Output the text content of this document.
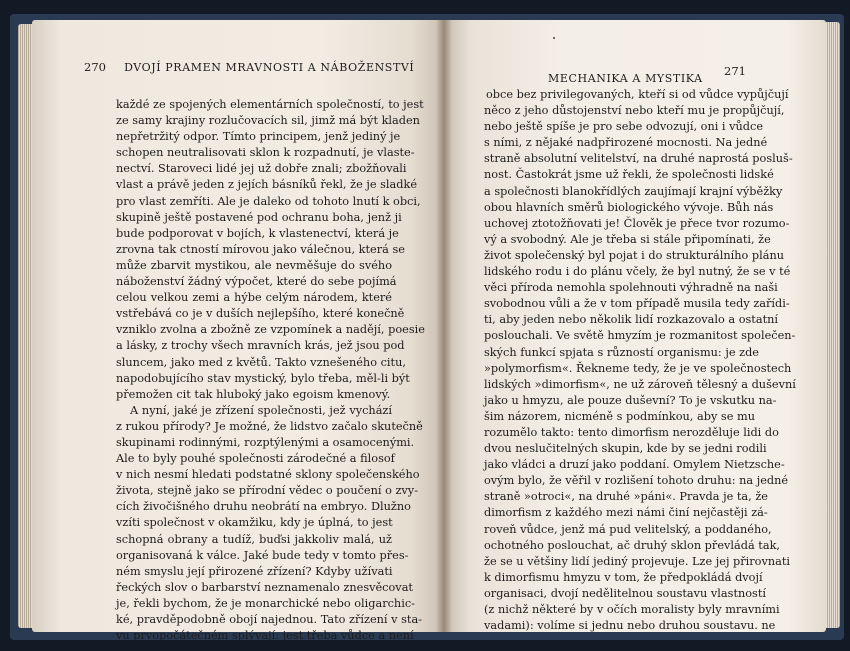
270 DVOJÍ PRAMEN MRAVNOSTI A NÁBOŽENSTVÍ
MECHANIKA A MYSTIKA
271
každé ze spojených elementárních společností, to jest
ze samy krajiny rozlučovacích sil, jimž má být kladen
nepřetržitý odpor. Tímto principem, jenž jediný je
schopen neutralisovati sklon k rozpadnutí, je vlaste-
nectví. Staroveci lidé jej už dobře znali; zbožňovali
vlast a právě jeden z jejích básníků řekl, že je sladké
pro vlast zemříti. Ale je daleko od tohoto lnutí k obci,
skupině ještě postavené pod ochranu boha, jenž ji
bude podporovat v bojích, k vlastenectví, která je
zrovna tak ctností mírovou jako válečnou, která se
může zbarvit mystikou, ale nevměšuje do svého
náboženství žádný výpočet, které do sebe pojímá
celou velkou zemi a hýbe celým národem, které
vstřebává co je v duších nejlepšího, které konečně
vzniklo zvolna a zbožně ze vzpomínek a nadějí, poesie
a lásky, z trochy všech mravních krás, jež jsou pod
sluncem, jako med z květů. Takto vznešeného citu,
napodobujícího stav mystický, bylo třeba, měl-li být
přemožen cit tak hluboký jako egoism kmenový.
A nyní, jaké je zřízení společnosti, jež vychází
z rukou přírody? Je možné, že lidstvo začalo skutečně
skupinami rodinnými, rozptýlenými a osamocenými.
Ale to byly pouhé společnosti zárodečné a filosof
v nich nesmí hledati podstatné sklony společenského
života, stejně jako se přírodní vědec o poučení o zvy-
cích živočišného druhu neobrátí na embryo. Dlužno
vzíti společnost v okamžiku, kdy je úplná, to jest
schopná obrany a tudíž, buďsi jakkoliv malá, už
organisovaná k válce. Jaké bude tedy v tomto přes-
ném smyslu její přirozené zřízení? Kdyby užívati
řeckých slov o barbarství neznamenalo znesvěcovat
je, řekli bychom, že je monarchické nebo oligarchic-
ké, pravděpodobně obojí najednou. Tato zřízení v sta-
vu prvopočátečném splývají: jest třeba vůdce a není
obce bez privilegovaných, kteří si od vůdce vypůjčují
něco z jeho důstojenství nebo kteří mu je propůjčují,
nebo ještě spíše je pro sebe odvozují, oni i vůdce
s ními, z nějaké nadpřirozené mocnosti. Na jedné
straně absolutní velitelství, na druhé naprostá posluš-
nost. Častokrát jsme už řekli, že společnosti lidské
a společnosti blanokřídlých zaujímají krajní výběžky
obou hlavních směrů biologického vývoje. Bůh nás
uchovej ztotožňovati je! Člověk je přece tvor rozumo-
vý a svobodný. Ale je třeba si stále připomínati, že
život společenský byl pojat i do strukturálního plánu
lidského rodu i do plánu včely, že byl nutný, že se v té
věci příroda nemohla spolehnouti výhradně na naši
svobodnou vůli a že v tom případě musila tedy zařídi-
ti, aby jeden nebo několik lidí rozkazovalo a ostatní
poslouchali. Ve světě hmyzím je rozmanitost společen-
ských funkcí spjata s růzností organismu: je zde
»polymorfism«. Řekneme tedy, že je ve společnostech
lidských »dimorfism«, ne už zároveň tělesný a duševní
jako u hmyzu, ale pouze duševní? To je vskutku na-
šim názorem, nicméně s podmínkou, aby se mu
rozumělo takto: tento dimorfism nerozděluje lidi do
dvou neslučitelných skupin, kde by se jedni rodili
jako vládci a druzí jako poddaní. Omylem Nietzsche-
ovým bylo, že věřil v rozlišení tohoto druhu: na jedné
straně »otroci«, na druhé »páni«. Pravda je ta, že
dimorfism z každého mezi námi činí nejčastěji zá-
roveň vůdce, jenž má pud velitelský, a poddaného,
ochotného poslouchat, ač druhý sklon převládá tak,
že se u většiny lidí jediný projevuje. Lze jej přirovnati
k dimorfismu hmyzu v tom, že předpokládá dvojí
organisaci, dvojí nedělitelnou soustavu vlastností
(z nichž některé by v očích moralisty byly mravními
vadami): volíme si jednu nebo druhou soustavu. ne
